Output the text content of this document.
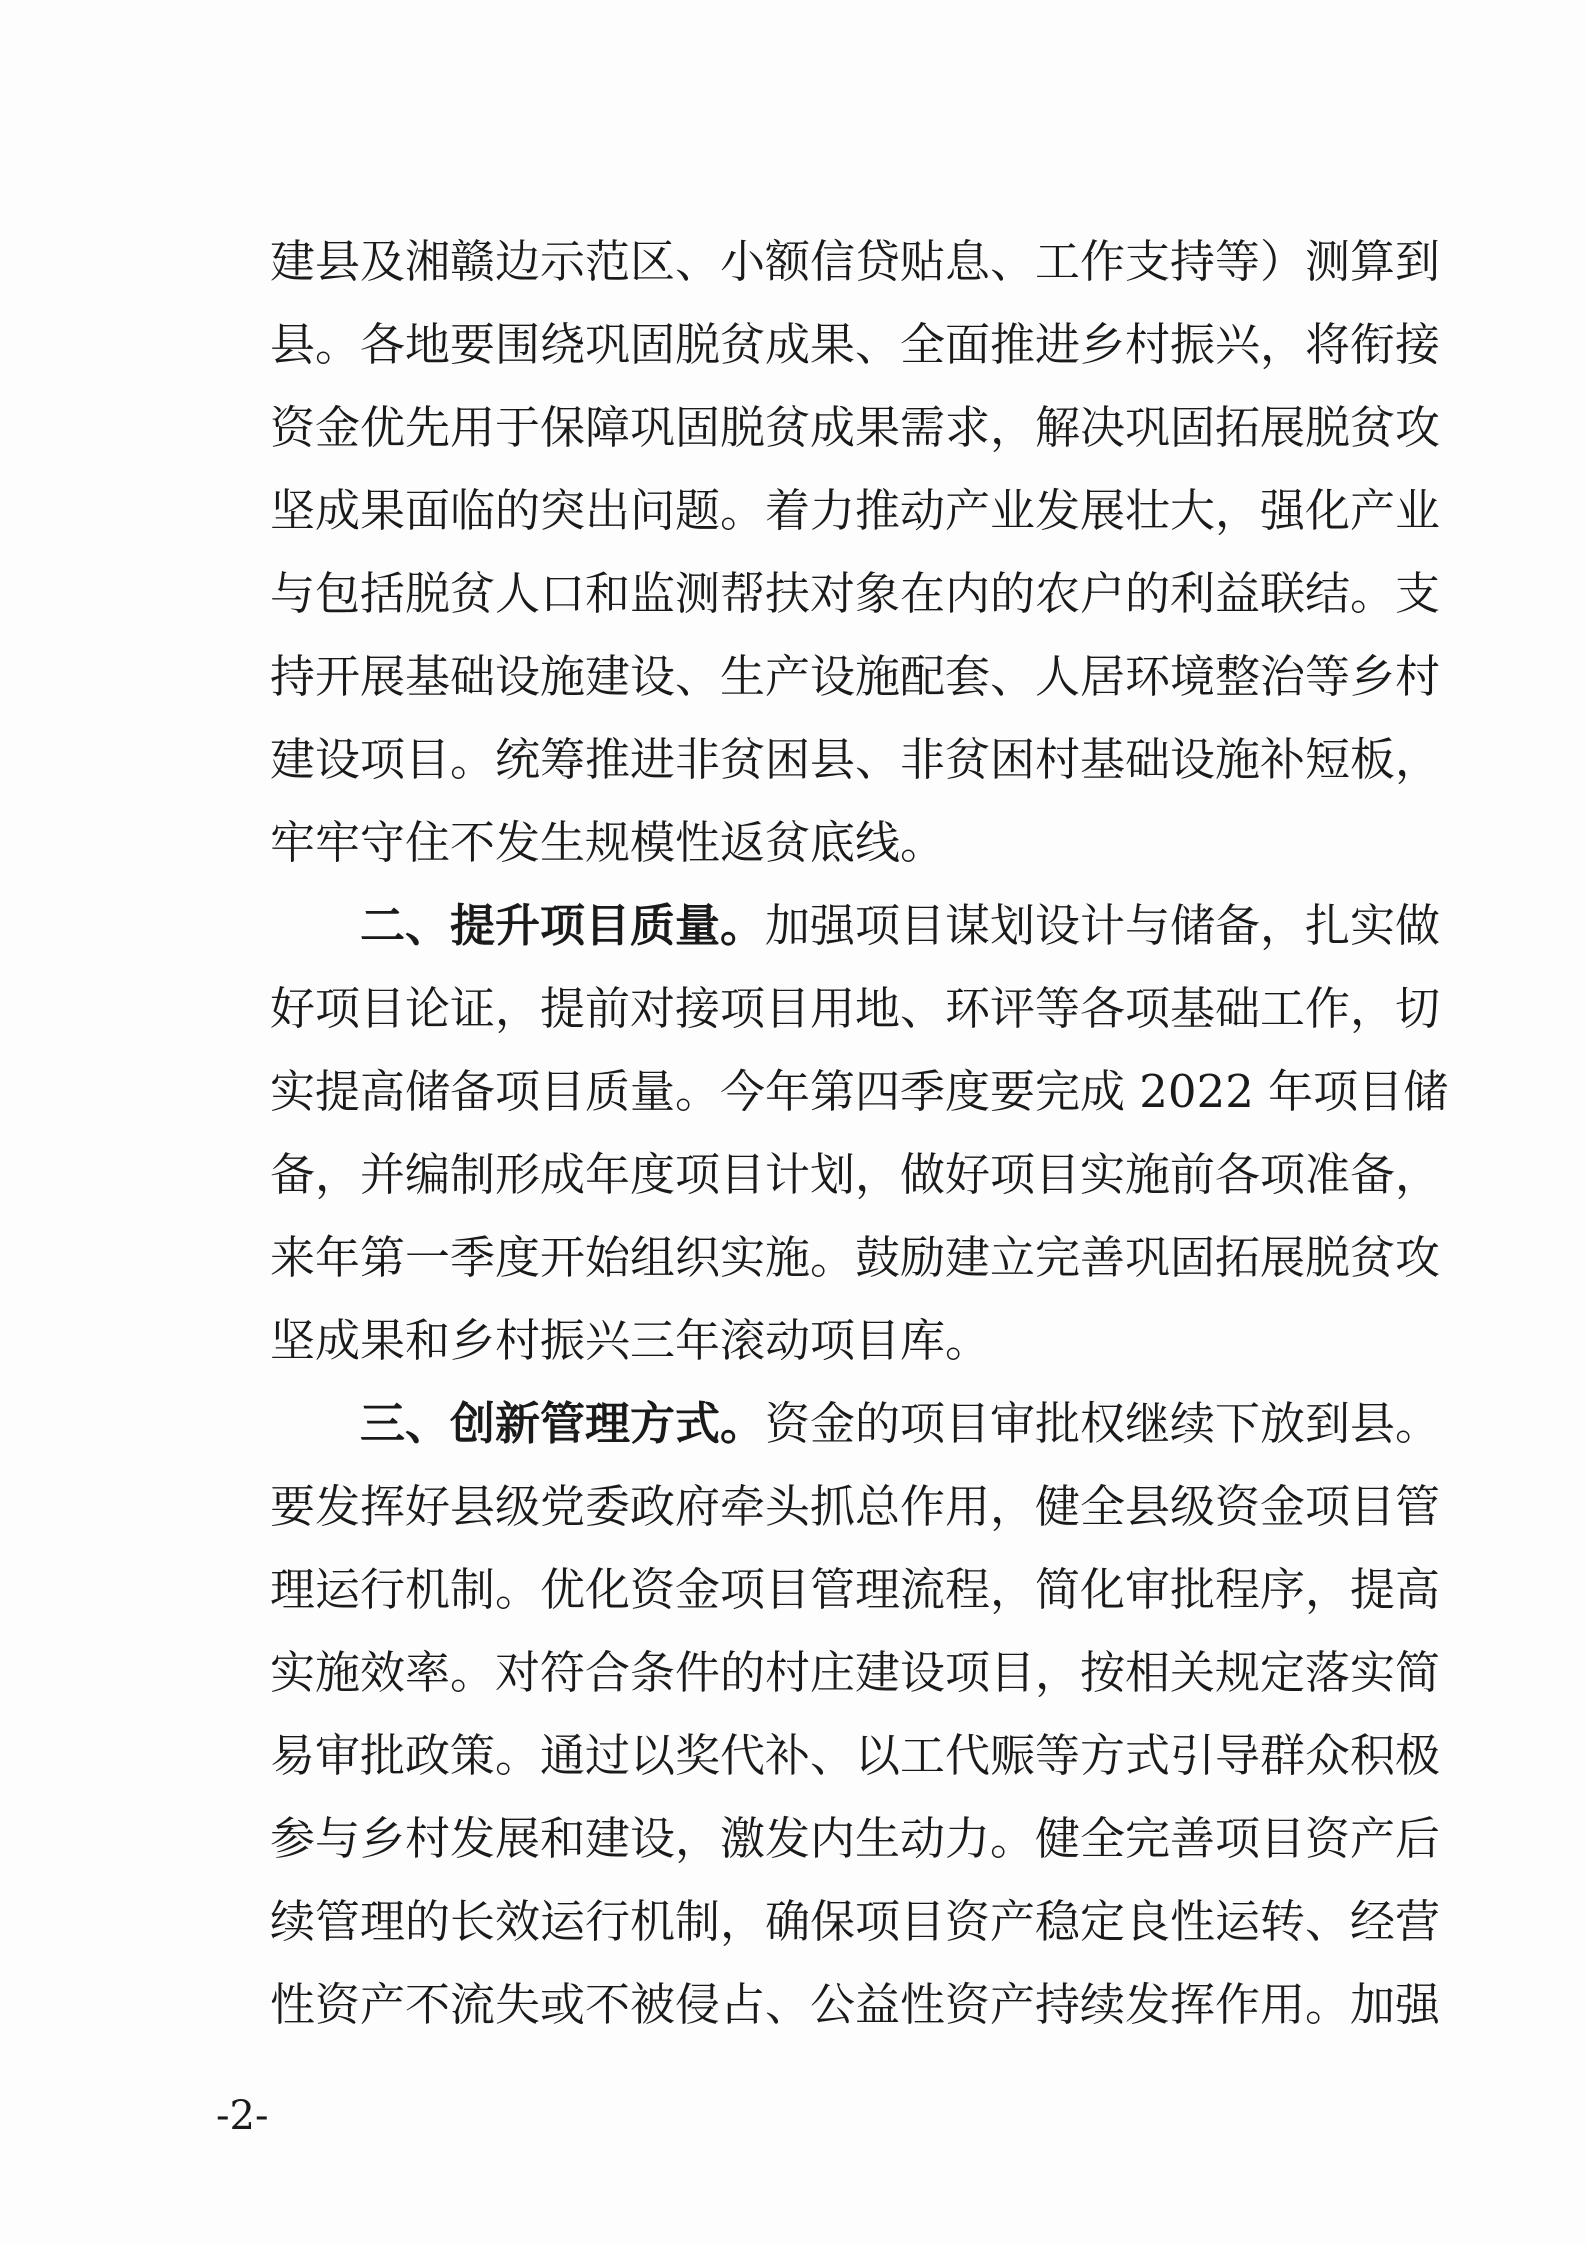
建县及湘赣边示范区、小额信贷贴息、工作支持等）测算到
县。各地要围绕巩固脱贫成果、全面推进乡村振兴，将衔接
资金优先用于保障巩固脱贫成果需求，解决巩固拓展脱贫攻
坚成果面临的突出问题。着力推动产业发展壮大，强化产业
与包括脱贫人口和监测帮扶对象在内的农户的利益联结。支
持开展基础设施建设、生产设施配套、人居环境整治等乡村
建设项目。统筹推进非贫困县、非贫困村基础设施补短板，
牢牢守住不发生规模性返贫底线。
二、提升项目质量。加强项目谋划设计与储备，扎实做
好项目论证，提前对接项目用地、环评等各项基础工作，切
实提高储备项目质量。今年第四季度要完成 2022 年项目储
备，并编制形成年度项目计划，做好项目实施前各项准备，
来年第一季度开始组织实施。鼓励建立完善巩固拓展脱贫攻
坚成果和乡村振兴三年滚动项目库。
三、创新管理方式。资金的项目审批权继续下放到县。
要发挥好县级党委政府牵头抓总作用，健全县级资金项目管
理运行机制。优化资金项目管理流程，简化审批程序，提高
实施效率。对符合条件的村庄建设项目，按相关规定落实简
易审批政策。通过以奖代补、以工代赈等方式引导群众积极
参与乡村发展和建设，激发内生动力。健全完善项目资产后
续管理的长效运行机制，确保项目资产稳定良性运转、经营
性资产不流失或不被侵占、公益性资产持续发挥作用。加强
-2-
